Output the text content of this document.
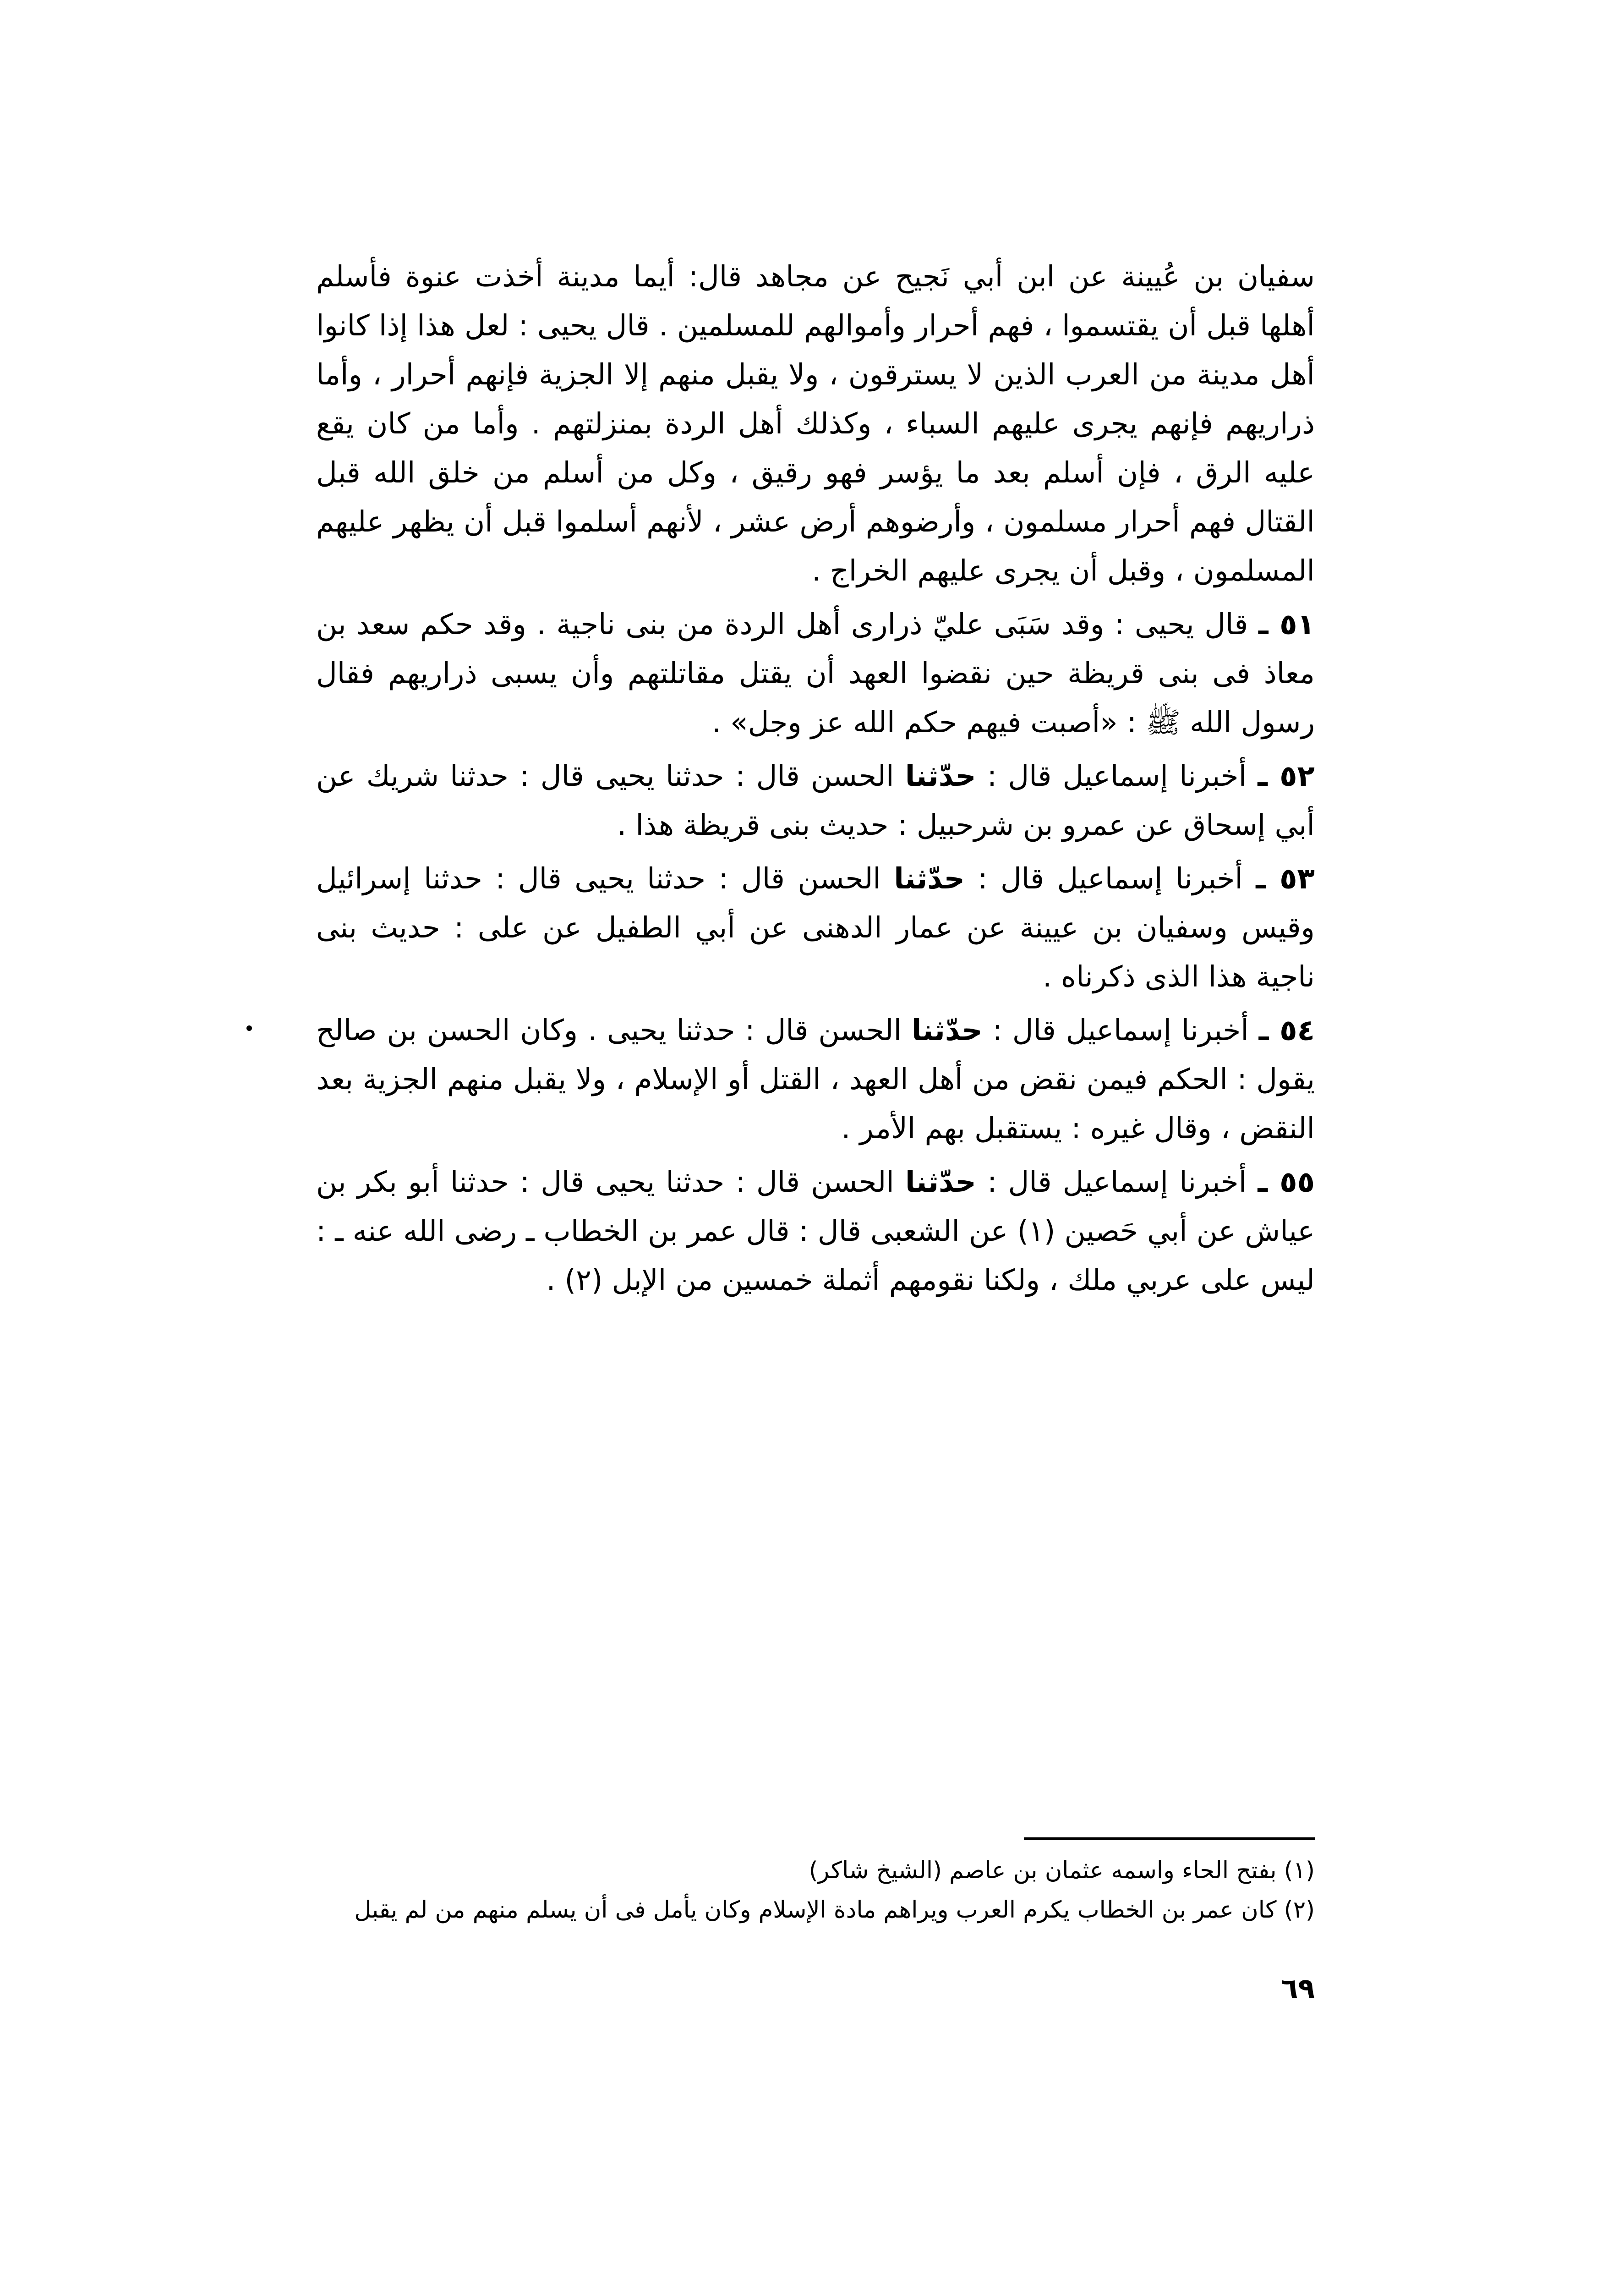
سفيان بن عُيينة عن ابن أبي نَجيح عن مجاهد قال: أيما مدينة أخذت عنوة فأسلم أهلها قبل أن يقتسموا ، فهم أحرار وأموالهم للمسلمين . قال يحيى : لعل هذا إذا كانوا أهل مدينة من العرب الذين لا يسترقون ، ولا يقبل منهم إلا الجزية فإنهم أحرار ، وأما ذراريهم فإنهم يجرى عليهم السباء ، وكذلك أهل الردة بمنزلتهم . وأما من كان يقع عليه الرق ، فإن أسلم بعد ما يؤسر فهو رقيق ، وكل من أسلم من خلق الله قبل القتال فهم أحرار مسلمون ، وأرضوهم أرض عشر ، لأنهم أسلموا قبل أن يظهر عليهم المسلمون ، وقبل أن يجرى عليهم الخراج .

٥١ ـ قال يحيى : وقد سَبَى عليّ ذرارى أهل الردة من بنى ناجية . وقد حكم سعد بن معاذ فى بنى قريظة حين نقضوا العهد أن يقتل مقاتلتهم وأن يسبى ذراريهم فقال رسول الله ﷺ : «أصبت فيهم حكم الله عز وجل» .

٥٢ ـ أخبرنا إسماعيل قال : حدّثنا الحسن قال : حدثنا يحيى قال : حدثنا شريك عن أبي إسحاق عن عمرو بن شرحبيل : حديث بنى قريظة هذا .

٥٣ ـ أخبرنا إسماعيل قال : حدّثنا الحسن قال : حدثنا يحيى قال : حدثنا إسرائيل وقيس وسفيان بن عيينة عن عمار الدهنى عن أبي الطفيل عن على : حديث بنى ناجية هذا الذى ذكرناه .

٥٤ ـ أخبرنا إسماعيل قال : حدّثنا الحسن قال : حدثنا يحيى . وكان الحسن بن صالح يقول : الحكم فيمن نقض من أهل العهد ، القتل أو الإسلام ، ولا يقبل منهم الجزية بعد النقض ، وقال غيره : يستقبل بهم الأمر .

٥٥ ـ أخبرنا إسماعيل قال : حدّثنا الحسن قال : حدثنا يحيى قال : حدثنا أبو بكر بن عياش عن أبي حَصين (١) عن الشعبى قال : قال عمر بن الخطاب ـ رضى الله عنه ـ : ليس على عربي ملك ، ولكنا نقومهم أثملة خمسين من الإبل (٢) .

(١) بفتح الحاء واسمه عثمان بن عاصم (الشيخ شاكر)
(٢) كان عمر بن الخطاب يكرم العرب ويراهم مادة الإسلام وكان يأمل فى أن يسلم منهم من لم يقبل
٦٩
